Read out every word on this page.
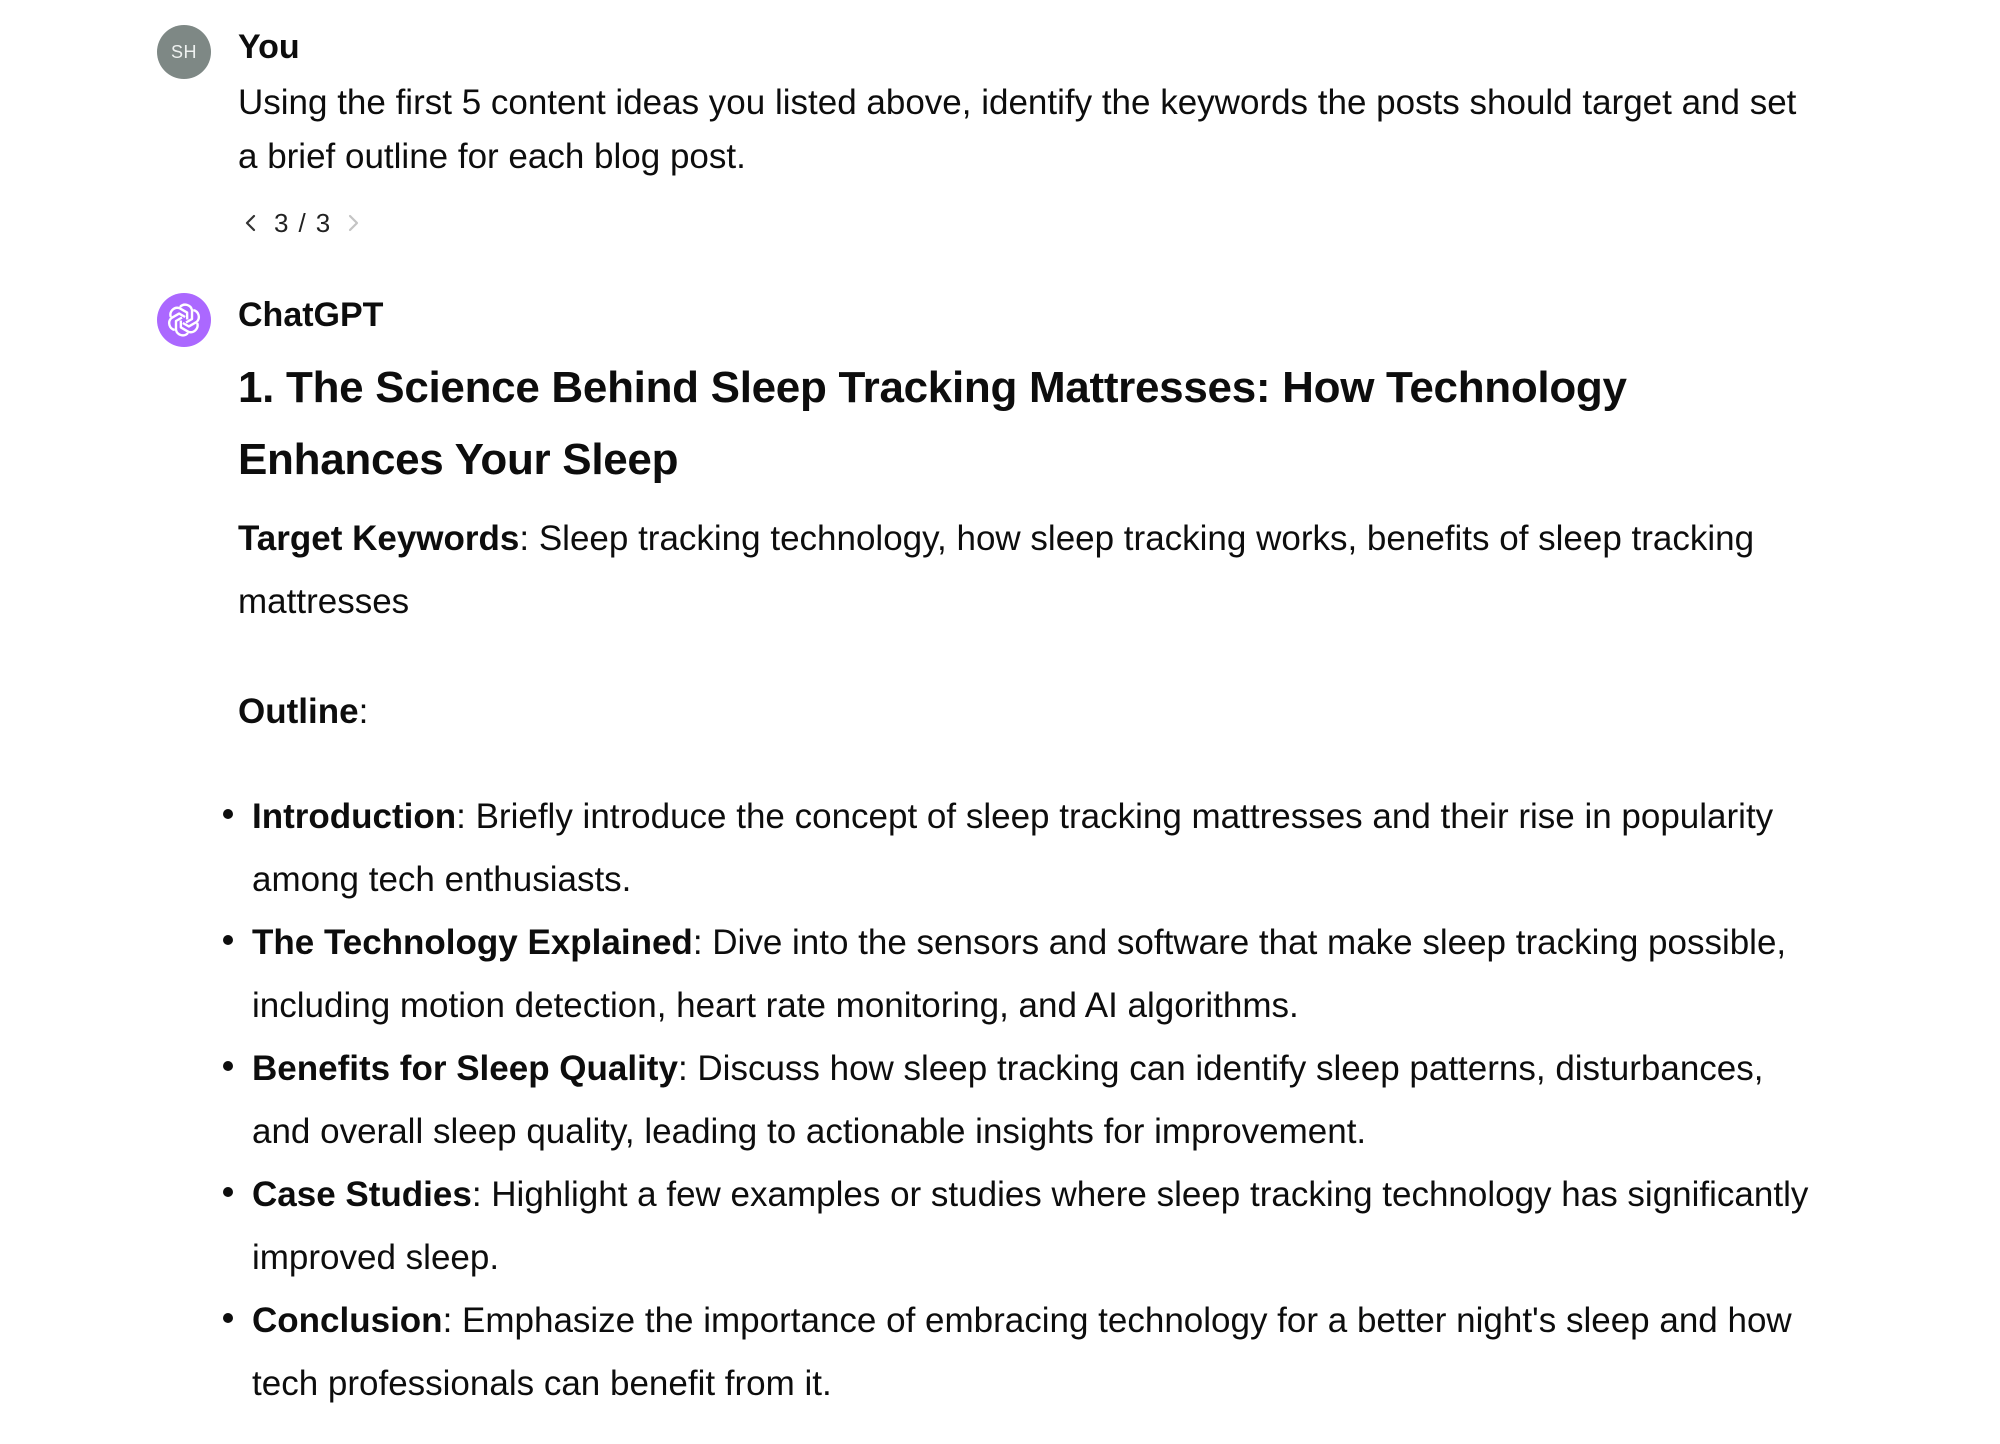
SH You
Using the first 5 content ideas you listed above, identify the keywords the posts should target and set a brief outline for each blog post.
3 / 3
ChatGPT
1. The Science Behind Sleep Tracking Mattresses: How Technology Enhances Your Sleep
Target Keywords: Sleep tracking technology, how sleep tracking works, benefits of sleep tracking mattresses
Outline:
Introduction: Briefly introduce the concept of sleep tracking mattresses and their rise in popularity among tech enthusiasts.
The Technology Explained: Dive into the sensors and software that make sleep tracking possible, including motion detection, heart rate monitoring, and AI algorithms.
Benefits for Sleep Quality: Discuss how sleep tracking can identify sleep patterns, disturbances, and overall sleep quality, leading to actionable insights for improvement.
Case Studies: Highlight a few examples or studies where sleep tracking technology has significantly improved sleep.
Conclusion: Emphasize the importance of embracing technology for a better night's sleep and how tech professionals can benefit from it.
